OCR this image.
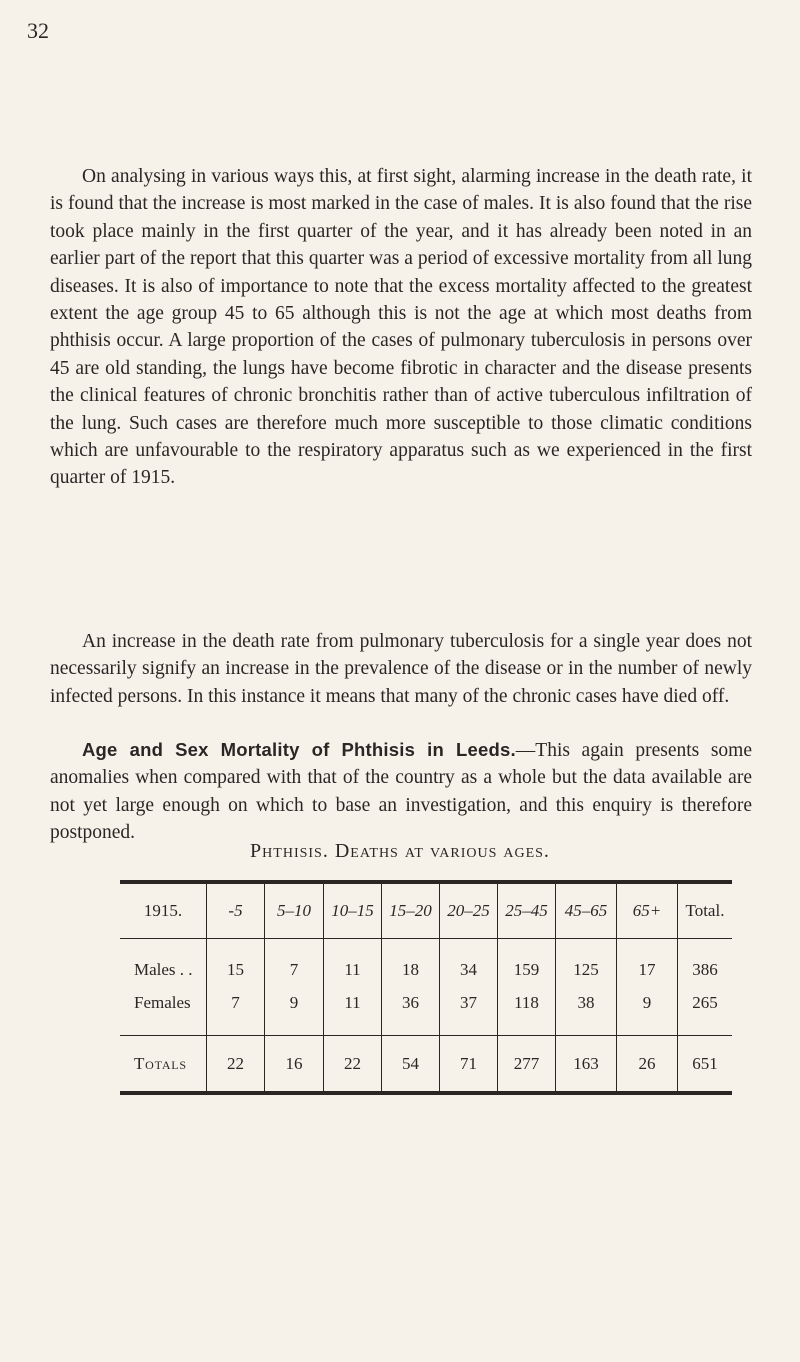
32

On analysing in various ways this, at first sight, alarming increase in the death rate, it is found that the increase is most marked in the case of males. It is also found that the rise took place mainly in the first quarter of the year, and it has already been noted in an earlier part of the report that this quarter was a period of excessive mortality from all lung diseases. It is also of importance to note that the excess mortality affected to the greatest extent the age group 45 to 65 although this is not the age at which most deaths from phthisis occur. A large proportion of the cases of pulmonary tuberculosis in persons over 45 are old standing, the lungs have become fibrotic in character and the disease presents the clinical features of chronic bronchitis rather than of active tuberculous infiltration of the lung. Such cases are therefore much more susceptible to those climatic conditions which are unfavourable to the respiratory apparatus such as we experienced in the first quarter of 1915.

An increase in the death rate from pulmonary tuberculosis for a single year does not necessarily signify an increase in the prevalence of the disease or in the number of newly infected persons. In this instance it means that many of the chronic cases have died off.

Age and Sex Mortality of Phthisis in Leeds.—This again presents some anomalies when compared with that of the country as a whole but the data available are not yet large enough on which to base an investigation, and this enquiry is therefore postponed.

Phthisis. Deaths at various ages.

1915.	-5	5–10	10–15	15–20	20–25	25–45	45–65	65+	Total.
Males . .	15	7	11	18	34	159	125	17	386
Females	7	9	11	36	37	118	38	9	265
Totals	22	16	22	54	71	277	163	26	651
